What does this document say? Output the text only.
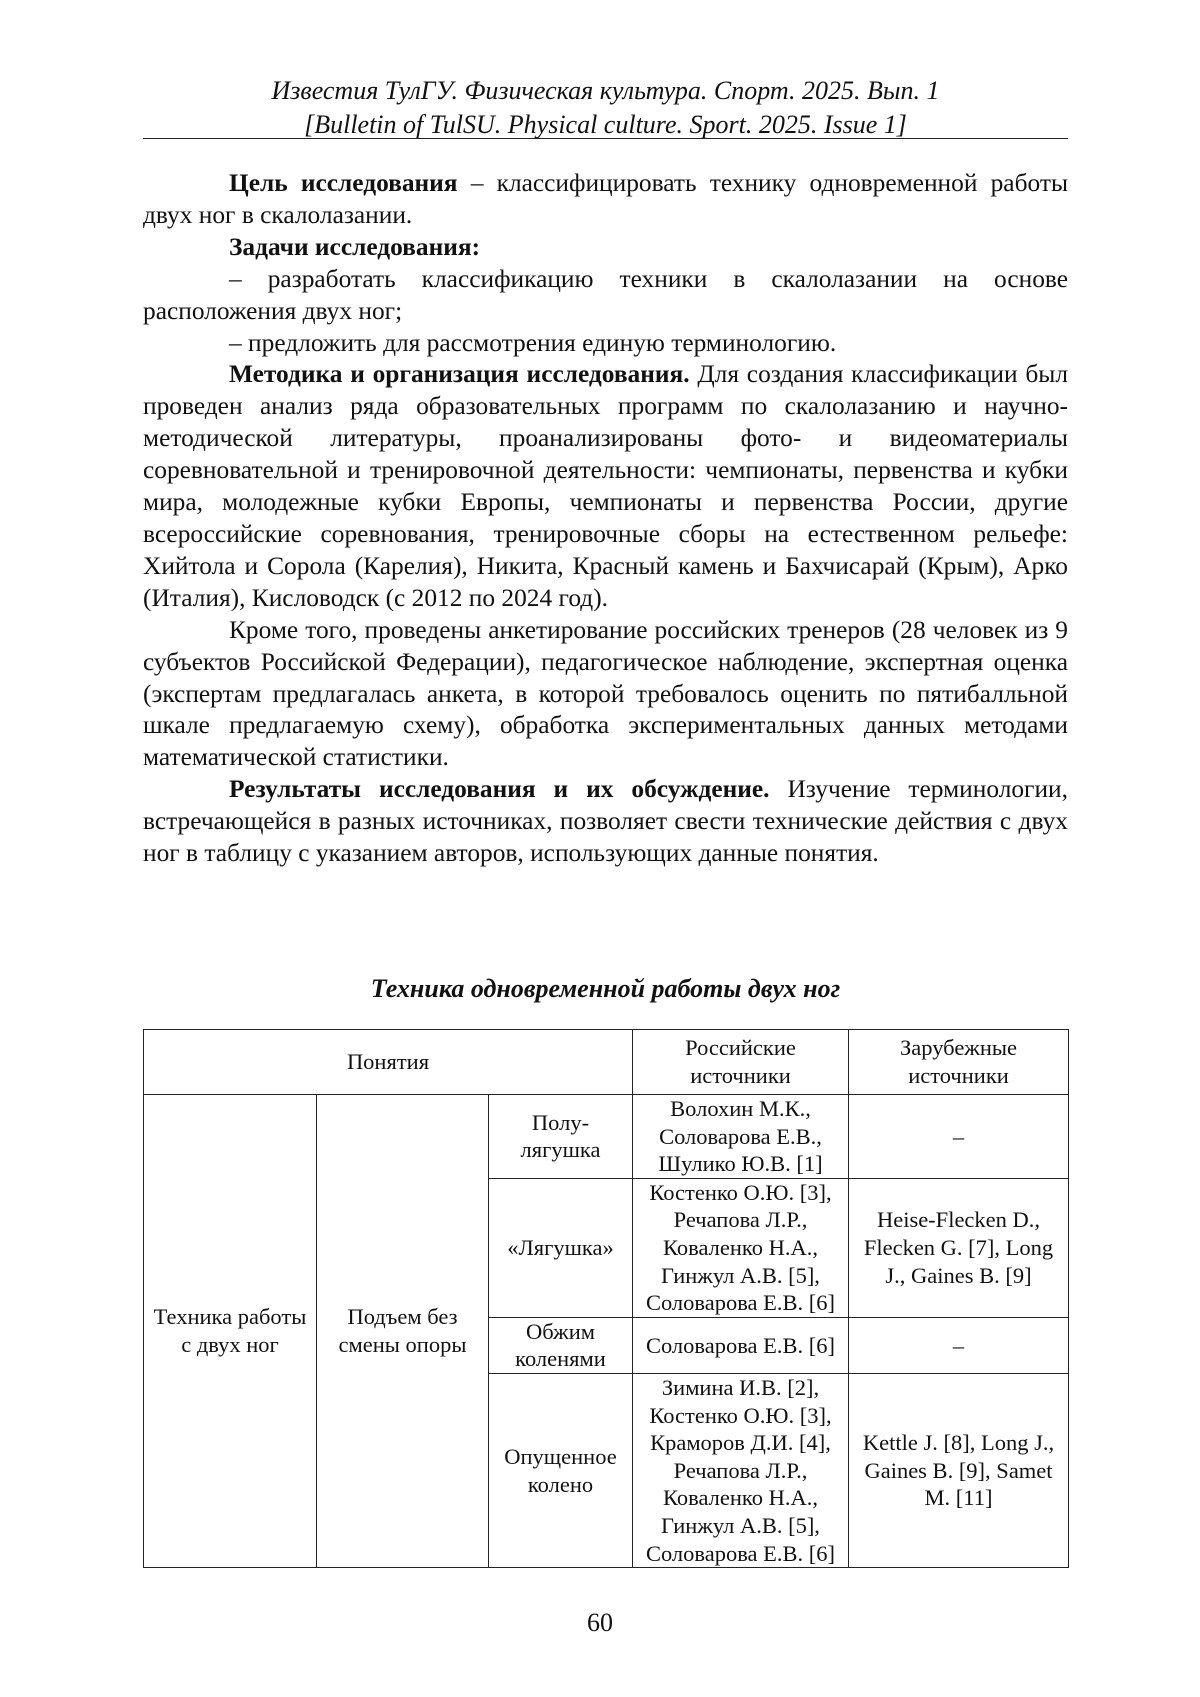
Известия ТулГУ. Физическая культура. Спорт. 2025. Вып. 1
[Bulletin of TulSU. Physical culture. Sport. 2025. Issue 1]

Цель исследования – классифицировать технику одновременной работы двух ног в скалолазании.

Задачи исследования:

– разработать классификацию техники в скалолазании на основе расположения двух ног;

– предложить для рассмотрения единую терминологию.

Методика и организация исследования. Для создания классификации был проведен анализ ряда образовательных программ по скалолазанию и научно-методической литературы, проанализированы фото- и видеоматериалы соревновательной и тренировочной деятельности: чемпионаты, первенства и кубки мира, молодежные кубки Европы, чемпионаты и первенства России, другие всероссийские соревнования, тренировочные сборы на естественном рельефе: Хийтола и Сорола (Карелия), Никита, Красный камень и Бахчисарай (Крым), Арко (Италия), Кисловодск (с 2012 по 2024 год).

Кроме того, проведены анкетирование российских тренеров (28 человек из 9 субъектов Российской Федерации), педагогическое наблюдение, экспертная оценка (экспертам предлагалась анкета, в которой требовалось оценить по пятибалльной шкале предлагаемую схему), обработка экспериментальных данных методами математической статистики.

Результаты исследования и их обсуждение. Изучение терминологии, встречающейся в разных источниках, позволяет свести технические действия с двух ног в таблицу с указанием авторов, использующих данные понятия.

Техника одновременной работы двух ног
Понятия	Российские источники	Зарубежные источники
Техника работы с двух ног	Подъем без смены опоры	Полу-лягушка	Волохин М.К., Соловарова Е.В., Шулико Ю.В. [1]	–
«Лягушка»	Костенко О.Ю. [3], Речапова Л.Р., Коваленко Н.А., Гинжул А.В. [5], Соловарова Е.В. [6]	Heise-Flecken D., Flecken G. [7], Long J., Gaines B. [9]
Обжим коленями	Соловарова Е.В. [6]	–
Опущенное колено	Зимина И.В. [2], Костенко О.Ю. [3], Краморов Д.И. [4], Речапова Л.Р., Коваленко Н.А., Гинжул А.В. [5], Соловарова Е.В. [6]	Kettle J. [8], Long J., Gaines B. [9], Samet M. [11]
60
